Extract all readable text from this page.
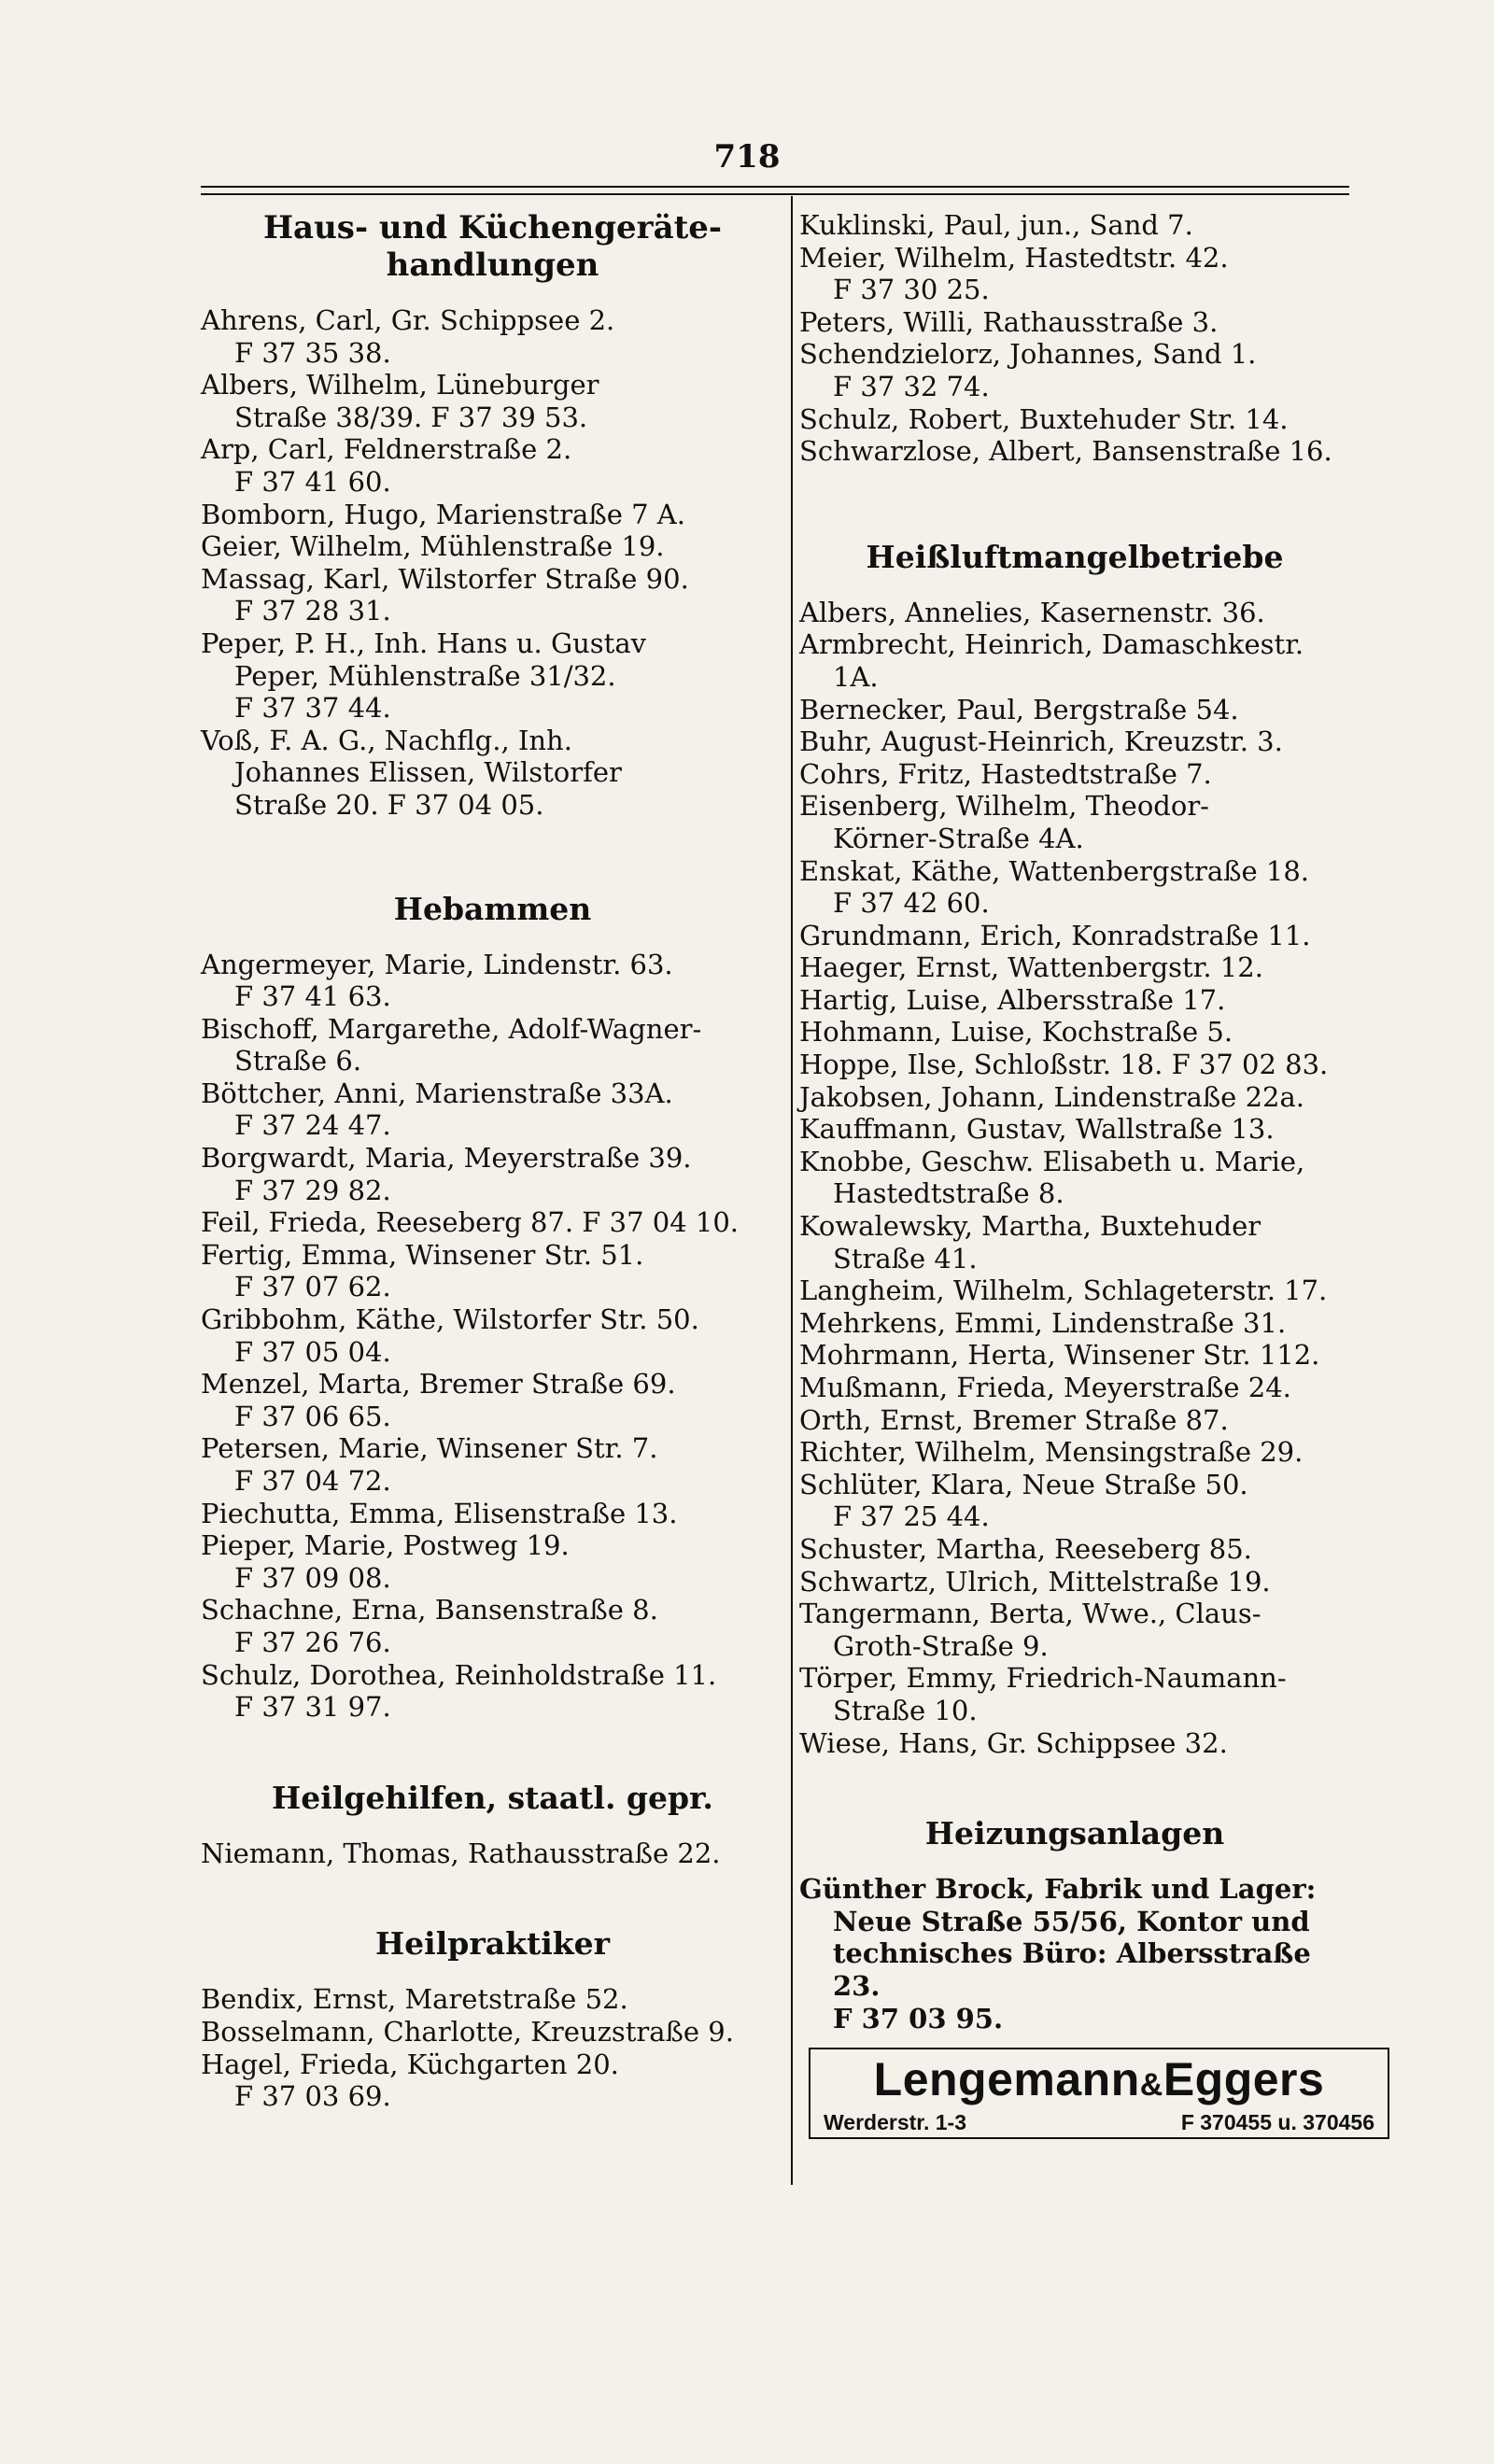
718
Haus- und Küchengeräte-
handlungen
Ahrens, Carl, Gr. Schippsee 2.
F 37 35 38.
Albers, Wilhelm, Lüneburger
Straße 38/39. F 37 39 53.
Arp, Carl, Feldnerstraße 2.
F 37 41 60.
Bomborn, Hugo, Marienstraße 7 A.
Geier, Wilhelm, Mühlenstraße 19.
Massag, Karl, Wilstorfer Straße 90.
F 37 28 31.
Peper, P. H., Inh. Hans u. Gustav
Peper, Mühlenstraße 31/32.
F 37 37 44.
Voß, F. A. G., Nachflg., Inh.
Johannes Elissen, Wilstorfer
Straße 20. F 37 04 05.
Hebammen
Angermeyer, Marie, Lindenstr. 63.
F 37 41 63.
Bischoff, Margarethe, Adolf-Wagner-
Straße 6.
Böttcher, Anni, Marienstraße 33A.
F 37 24 47.
Borgwardt, Maria, Meyerstraße 39.
F 37 29 82.
Feil, Frieda, Reeseberg 87. F 37 04 10.
Fertig, Emma, Winsener Str. 51.
F 37 07 62.
Gribbohm, Käthe, Wilstorfer Str. 50.
F 37 05 04.
Menzel, Marta, Bremer Straße 69.
F 37 06 65.
Petersen, Marie, Winsener Str. 7.
F 37 04 72.
Piechutta, Emma, Elisenstraße 13.
Pieper, Marie, Postweg 19.
F 37 09 08.
Schachne, Erna, Bansenstraße 8.
F 37 26 76.
Schulz, Dorothea, Reinholdstraße 11.
F 37 31 97.
Heilgehilfen, staatl. gepr.
Niemann, Thomas, Rathausstraße 22.
Heilpraktiker
Bendix, Ernst, Maretstraße 52.
Bosselmann, Charlotte, Kreuzstraße 9.
Hagel, Frieda, Küchgarten 20.
F 37 03 69.
Kuklinski, Paul, jun., Sand 7.
Meier, Wilhelm, Hastedtstr. 42.
F 37 30 25.
Peters, Willi, Rathausstraße 3.
Schendzielorz, Johannes, Sand 1.
F 37 32 74.
Schulz, Robert, Buxtehuder Str. 14.
Schwarzlose, Albert, Bansenstraße 16.
Heißluftmangelbetriebe
Albers, Annelies, Kasernenstr. 36.
Armbrecht, Heinrich, Damaschkestr. 1A.
Bernecker, Paul, Bergstraße 54.
Buhr, August-Heinrich, Kreuzstr. 3.
Cohrs, Fritz, Hastedtstraße 7.
Eisenberg, Wilhelm, Theodor-
Körner-Straße 4A.
Enskat, Käthe, Wattenbergstraße 18.
F 37 42 60.
Grundmann, Erich, Konradstraße 11.
Haeger, Ernst, Wattenbergstr. 12.
Hartig, Luise, Albersstraße 17.
Hohmann, Luise, Kochstraße 5.
Hoppe, Ilse, Schloßstr. 18. F 37 02 83.
Jakobsen, Johann, Lindenstraße 22a.
Kauffmann, Gustav, Wallstraße 13.
Knobbe, Geschw. Elisabeth u. Marie,
Hastedtstraße 8.
Kowalewsky, Martha, Buxtehuder
Straße 41.
Langheim, Wilhelm, Schlageterstr. 17.
Mehrkens, Emmi, Lindenstraße 31.
Mohrmann, Herta, Winsener Str. 112.
Mußmann, Frieda, Meyerstraße 24.
Orth, Ernst, Bremer Straße 87.
Richter, Wilhelm, Mensingstraße 29.
Schlüter, Klara, Neue Straße 50.
F 37 25 44.
Schuster, Martha, Reeseberg 85.
Schwartz, Ulrich, Mittelstraße 19.
Tangermann, Berta, Wwe., Claus-
Groth-Straße 9.
Törper, Emmy, Friedrich-Naumann-
Straße 10.
Wiese, Hans, Gr. Schippsee 32.
Heizungsanlagen
Günther Brock, Fabrik und Lager:
Neue Straße 55/56, Kontor und
technisches Büro: Albersstraße 23.
F 37 03 95.
Lengemann&Eggers
Werderstr. 1-3	F 370455 u. 370456
